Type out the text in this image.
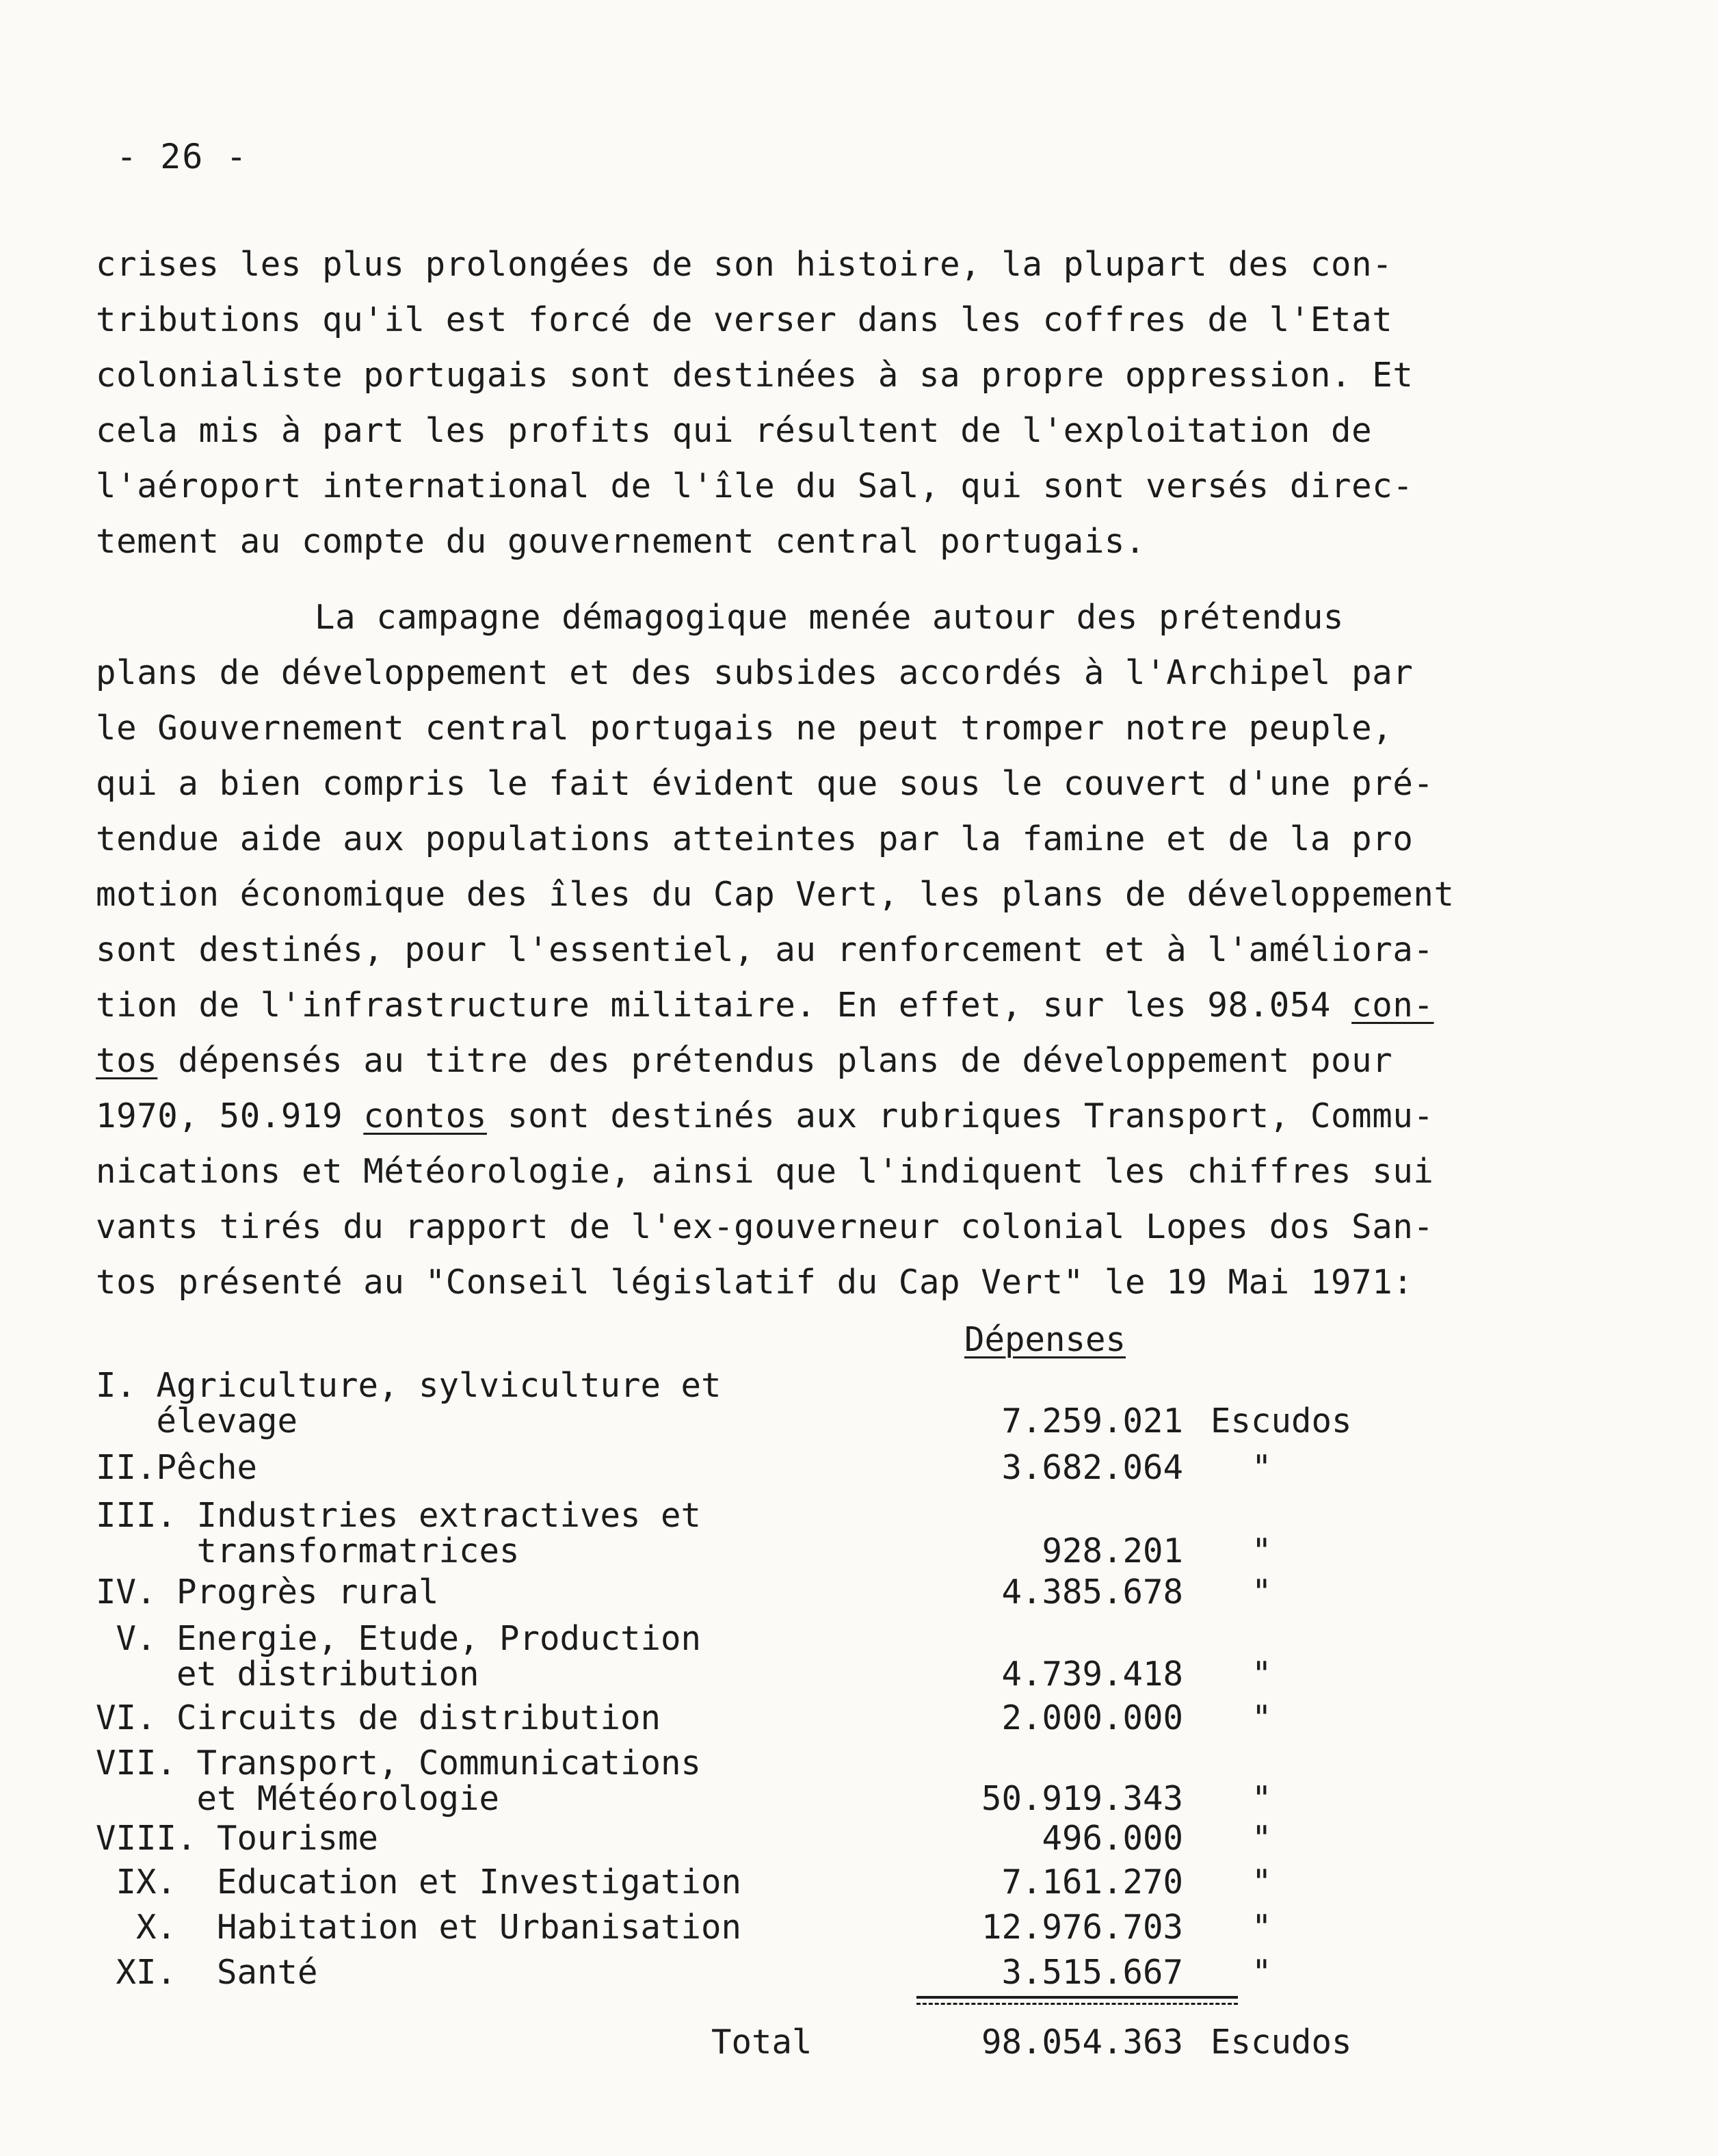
- 26 -
crises les plus prolongées de son histoire, la plupart des con-
tributions qu'il est forcé de verser dans les coffres de l'Etat
colonialiste portugais sont destinées à sa propre oppression. Et
cela mis à part les profits qui résultent de l'exploitation de
l'aéroport international de l'île du Sal, qui sont versés direc-
tement au compte du gouvernement central portugais.
La campagne démagogique menée autour des prétendus
plans de développement et des subsides accordés à l'Archipel par
le Gouvernement central portugais ne peut tromper notre peuple,
qui a bien compris le fait évident que sous le couvert d'une pré-
tendue aide aux populations atteintes par la famine et de la pro
motion économique des îles du Cap Vert, les plans de développement
sont destinés, pour l'essentiel, au renforcement et à l'améliora-
tion de l'infrastructure militaire. En effet, sur les 98.054 con-
tos dépensés au titre des prétendus plans de développement pour
1970, 50.919 contos sont destinés aux rubriques Transport, Commu-
nications et Météorologie, ainsi que l'indiquent les chiffres sui
vants tirés du rapport de l'ex-gouverneur colonial Lopes dos San-
tos présenté au "Conseil législatif du Cap Vert" le 19 Mai 1971:
Dépenses
I. Agriculture, sylviculture et
élevage	7.259.021 Escudos
II.Pêche	3.682.064 "
III. Industries extractives et
transformatrices	928.201 "
IV. Progrès rural	4.385.678 "
V. Energie, Etude, Production
et distribution	4.739.418 "
VI. Circuits de distribution	2.000.000 "
VII. Transport, Communications
et Météorologie	50.919.343 "
VIII. Tourisme	496.000 "
IX.  Education et Investigation	7.161.270 "
X.  Habitation et Urbanisation	12.976.703 "
XI.  Santé	3.515.667 "
Total	98.054.363 Escudos
